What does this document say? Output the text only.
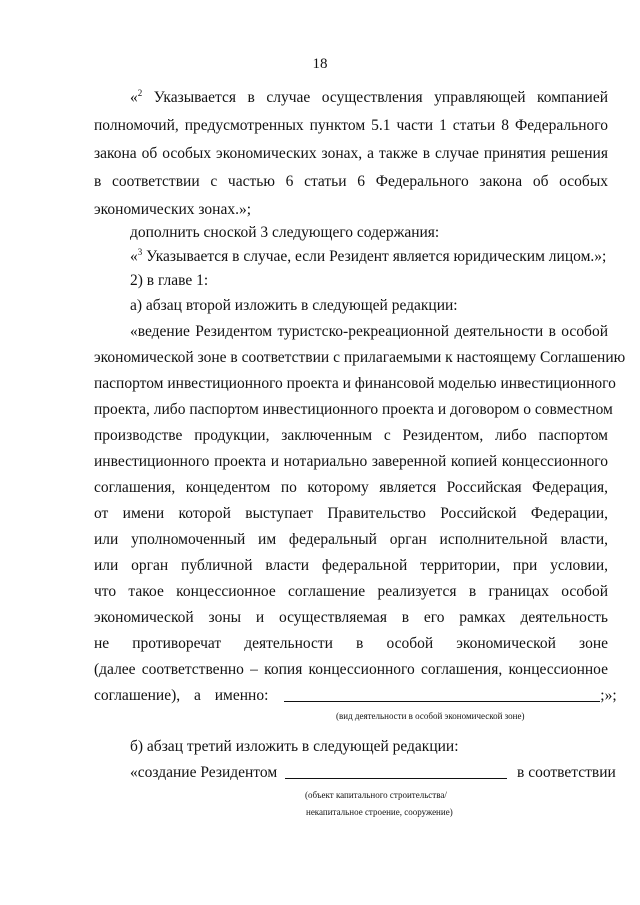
18

«$^2$ Указывается в случае осуществления управляющей компанией

полномочий, предусмотренных пунктом 5.1 части 1 статьи 8 Федерального

закона об особых экономических зонах, а также в случае принятия решения

в соответствии с частью 6 статьи 6 Федерального закона об особых

экономических зонах.»;

дополнить сноской 3 следующего содержания:

«$^3$ Указывается в случае, если Резидент является юридическим лицом.»;

2) в главе 1:

а) абзац второй изложить в следующей редакции:

«ведение Резидентом туристско-рекреационной деятельности в особой

экономической зоне в соответствии с прилагаемыми к настоящему Соглашению

паспортом инвестиционного проекта и финансовой моделью инвестиционного

проекта, либо паспортом инвестиционного проекта и договором о совместном

производстве продукции, заключенным с Резидентом, либо паспортом

инвестиционного проекта и нотариально заверенной копией концессионного

соглашения, концедентом по которому является Российская Федерация,

от имени которой выступает Правительство Российской Федерации,

или уполномоченный им федеральный орган исполнительной власти,

или орган публичной власти федеральной территории, при условии,

что такое концессионное соглашение реализуется в границах особой

экономической зоны и осуществляемая в его рамках деятельность

не противоречат деятельности в особой экономической зоне

(далее соответственно – копия концессионного соглашения, концессионное

соглашение), а именно:	;»;

(вид деятельности в особой экономической зоне)

б) абзац третий изложить в следующей редакции:

«создание Резидентом	в соответствии

(объект капитального строительства/
некапитальное строение, сооружение)
